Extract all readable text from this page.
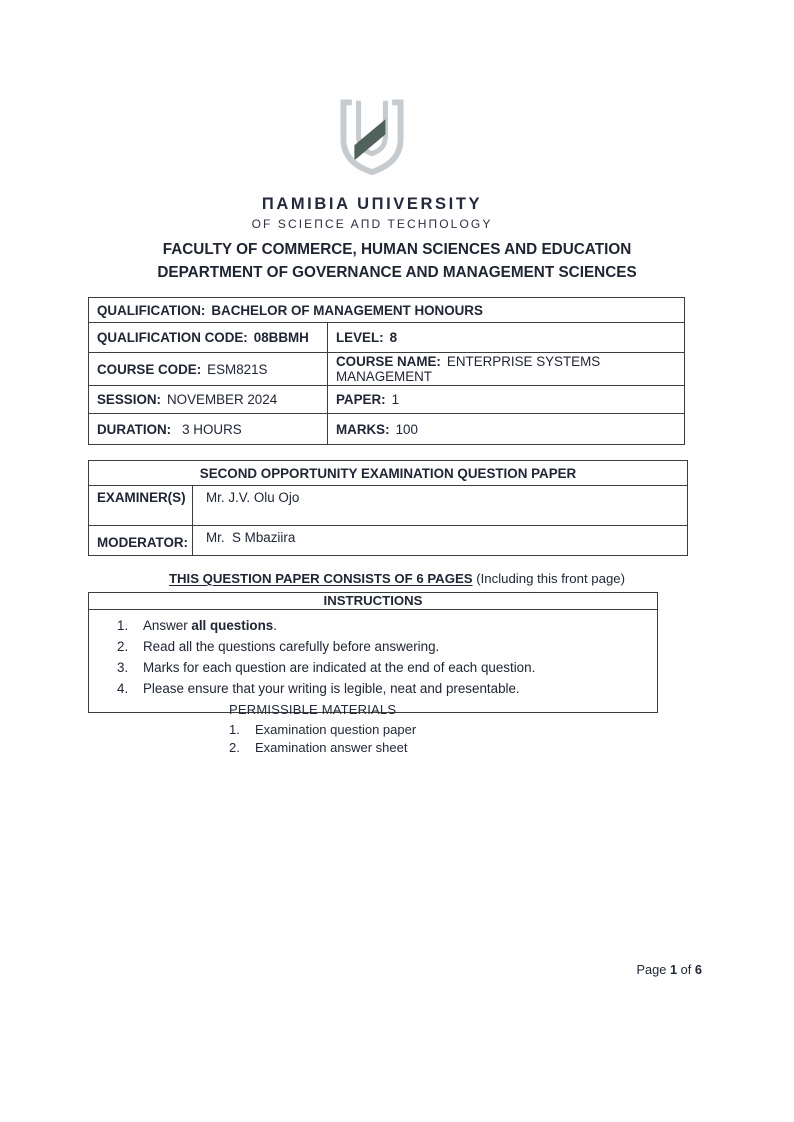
ПAMIBIA UПIVERSITY
OF SCIEПCE AПD TECHПOLOGY
FACULTY OF COMMERCE, HUMAN SCIENCES AND EDUCATION
DEPARTMENT OF GOVERNANCE AND MANAGEMENT SCIENCES
QUALIFICATION: BACHELOR OF MANAGEMENT HONOURS	
QUALIFICATION CODE: 08BBMH	LEVEL: 8
COURSE CODE: ESM821S	COURSE NAME: ENTERPRISE SYSTEMS MANAGEMENT
SESSION: NOVEMBER 2024	PAPER: 1
DURATION: 3 HOURS	MARKS: 100
SECOND OPPORTUNITY EXAMINATION QUESTION PAPER	
EXAMINER(S)	Mr. J.V. Olu Ojo
MODERATOR:	Mr.  S Mbaziira
THIS QUESTION PAPER CONSISTS OF 6 PAGES (Including this front page)
INSTRUCTIONS
1.	Answer all questions.
2.	Read all the questions carefully before answering.
3.	Marks for each question are indicated at the end of each question.
4.	Please ensure that your writing is legible, neat and presentable.
PERMISSIBLE MATERIALS
1.	Examination question paper
2.	Examination answer sheet
Page 1 of 6
